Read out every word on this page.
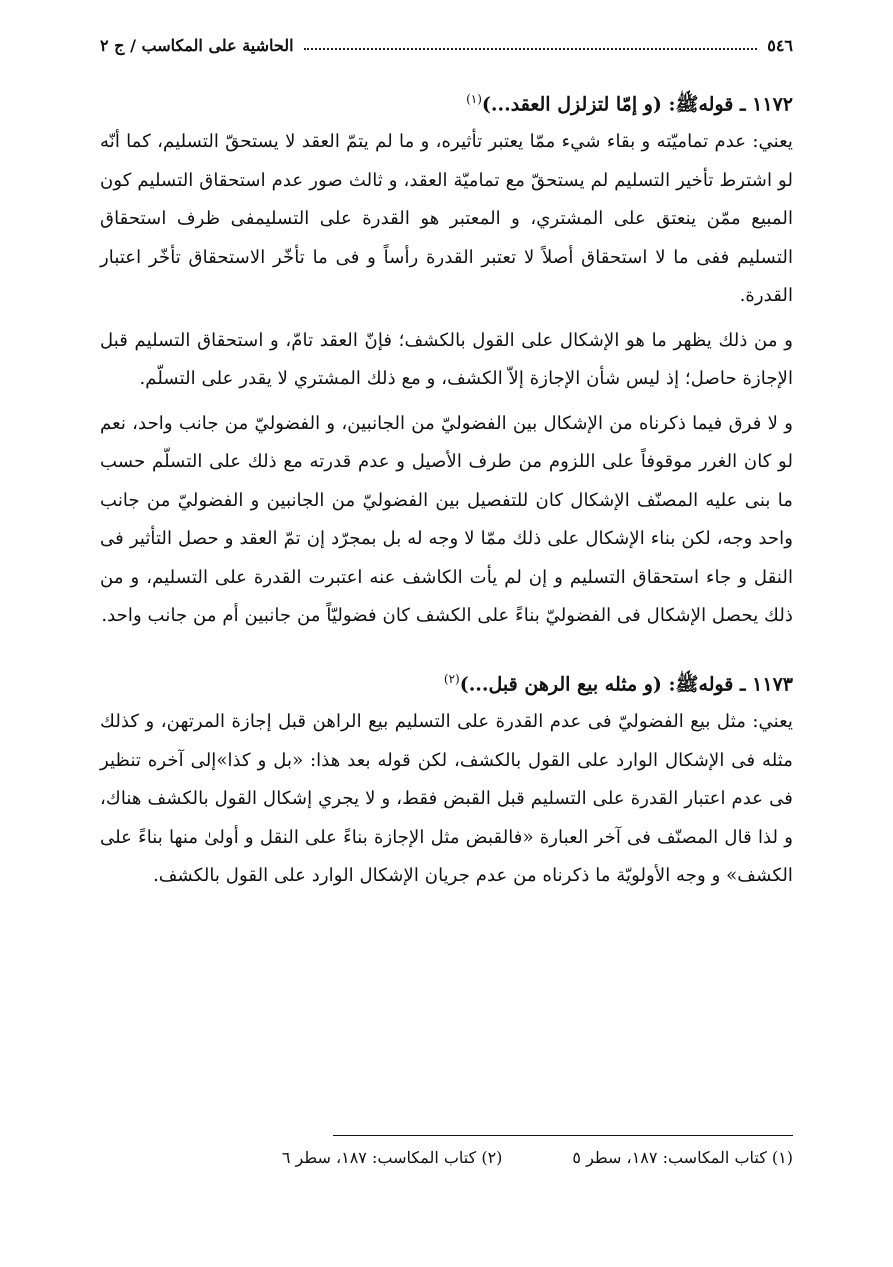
٥٤٦
الحاشية على المكاسب / ج ٢

١١٧٢ ـ قولهﷺ: (و إمّا لتزلزل العقد...)$^{(١)}$

يعني: عدم تماميّته و بقاء شيء ممّا يعتبر تأثيره، و ما لم يتمّ العقد لا يستحقّ التسليم، كما أنّه لو اشترط تأخير التسليم لم يستحقّ مع تماميّة العقد، و ثالث صور عدم استحقاق التسليم كون المبيع ممّن ينعتق على المشتري، و المعتبر هو القدرة على التسليمفى ظرف استحقاق التسليم ففى ما لا استحقاق أصلاً لا تعتبر القدرة رأساً و فى ما تأخّر الاستحقاق تأخّر اعتبار القدرة.

و من ذلك يظهر ما هو الإشكال على القول بالكشف؛ فإنّ العقد تامّ، و استحقاق التسليم قبل الإجازة حاصل؛ إذ ليس شأن الإجازة إلاّ الكشف، و مع ذلك المشتري لا يقدر على التسلّم.

و لا فرق فيما ذكرناه من الإشكال بين الفضوليّ من الجانبين، و الفضوليّ من جانب واحد، نعم لو كان الغرر موقوفاً على اللزوم من طرف الأصيل و عدم قدرته مع ذلك على التسلّم حسب ما بنى عليه المصنّف الإشكال كان للتفصيل بين الفضوليّ من الجانبين و الفضوليّ من جانب واحد وجه، لكن بناء الإشكال على ذلك ممّا لا وجه له بل بمجرّد إن تمّ العقد و حصل التأثير فى النقل و جاء استحقاق التسليم و إن لم يأت الكاشف عنه اعتبرت القدرة على التسليم، و من ذلك يحصل الإشكال فى الفضوليّ بناءً على الكشف كان فضوليّاً من جانبين أم من جانب واحد.

١١٧٣ ـ قولهﷺ: (و مثله بيع الرهن قبل...)$^{(٢)}$

يعني: مثل بيع الفضوليّ فى عدم القدرة على التسليم بيع الراهن قبل إجازة المرتهن، و كذلك مثله فى الإشكال الوارد على القول بالكشف، لكن قوله بعد هذا: «بل و كذا»إلى آخره تنظير فى عدم اعتبار القدرة على التسليم قبل القبض فقط، و لا يجري إشكال القول بالكشف هناك، و لذا قال المصنّف فى آخر العبارة «فالقبض مثل الإجازة بناءً على النقل و أولىٰ منها بناءً على الكشف» و وجه الأولويّة ما ذكرناه من عدم جريان الإشكال الوارد على القول بالكشف.

(١) كتاب المكاسب: ١٨٧، سطر ٥
(٢) كتاب المكاسب: ١٨٧، سطر ٦
